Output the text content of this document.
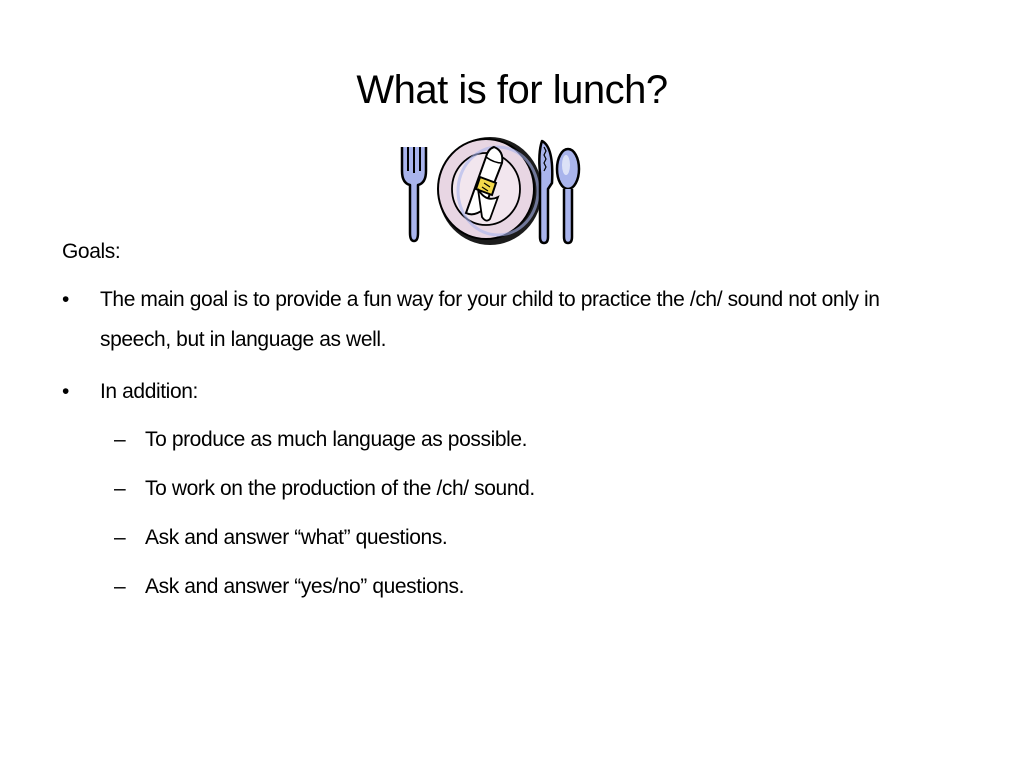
What is for lunch?
Goals:
•	The main goal is to provide a fun way for your child to practice the /ch/ sound not only in speech, but in language as well.
•	In addition:
– To produce as much language as possible.
– To work on the production of the /ch/ sound.
– Ask and answer “what” questions.
– Ask and answer “yes/no” questions.
